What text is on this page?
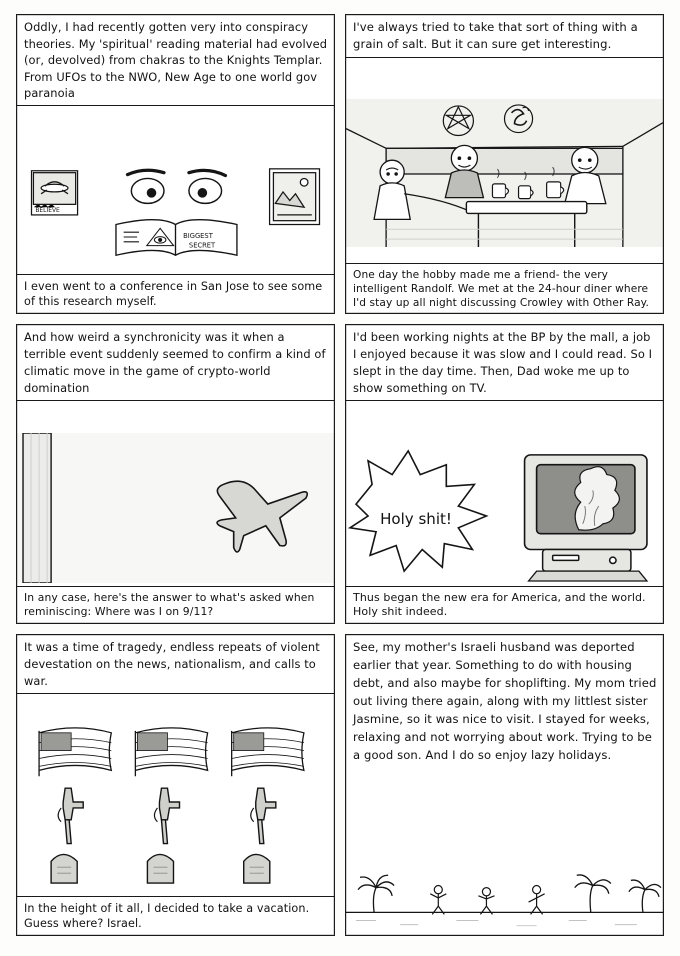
Oddly, I had recently gotten very into conspiracy theories. My 'spiritual' reading material had evolved (or, devolved) from chakras to the Knights Templar. From UFOs to the NWO, New Age to one world gov paranoia
BELIEVE
BIGGEST
SECRET
I even went to a conference in San Jose to see some of this research myself.
I've always tried to take that sort of thing with a grain of salt. But it can sure get interesting.
One day the hobby made me a friend- the very intelligent Randolf. We met at the 24-hour diner where I'd stay up all night discussing Crowley with Other Ray.
And how weird a synchronicity was it when a terrible event suddenly seemed to confirm a kind of climatic move in the game of crypto-world domination
In any case, here's the answer to what's asked when reminiscing: Where was I on 9/11?
I'd been working nights at the BP by the mall, a job I enjoyed because it was slow and I could read. So I slept in the day time. Then, Dad woke me up to show something on TV.
Holy shit!
Thus began the new era for America, and the world. Holy shit indeed.
It was a time of tragedy, endless repeats of violent devestation on the news, nationalism, and calls to war.
In the height of it all, I decided to take a vacation. Guess where? Israel.
See, my mother's Israeli husband was deported earlier that year. Something to do with housing debt, and also maybe for shoplifting. My mom tried out living there again, along with my littlest sister Jasmine, so it was nice to visit. I stayed for weeks, relaxing and not worrying about work. Trying to be a good son. And I do so enjoy lazy holidays.
